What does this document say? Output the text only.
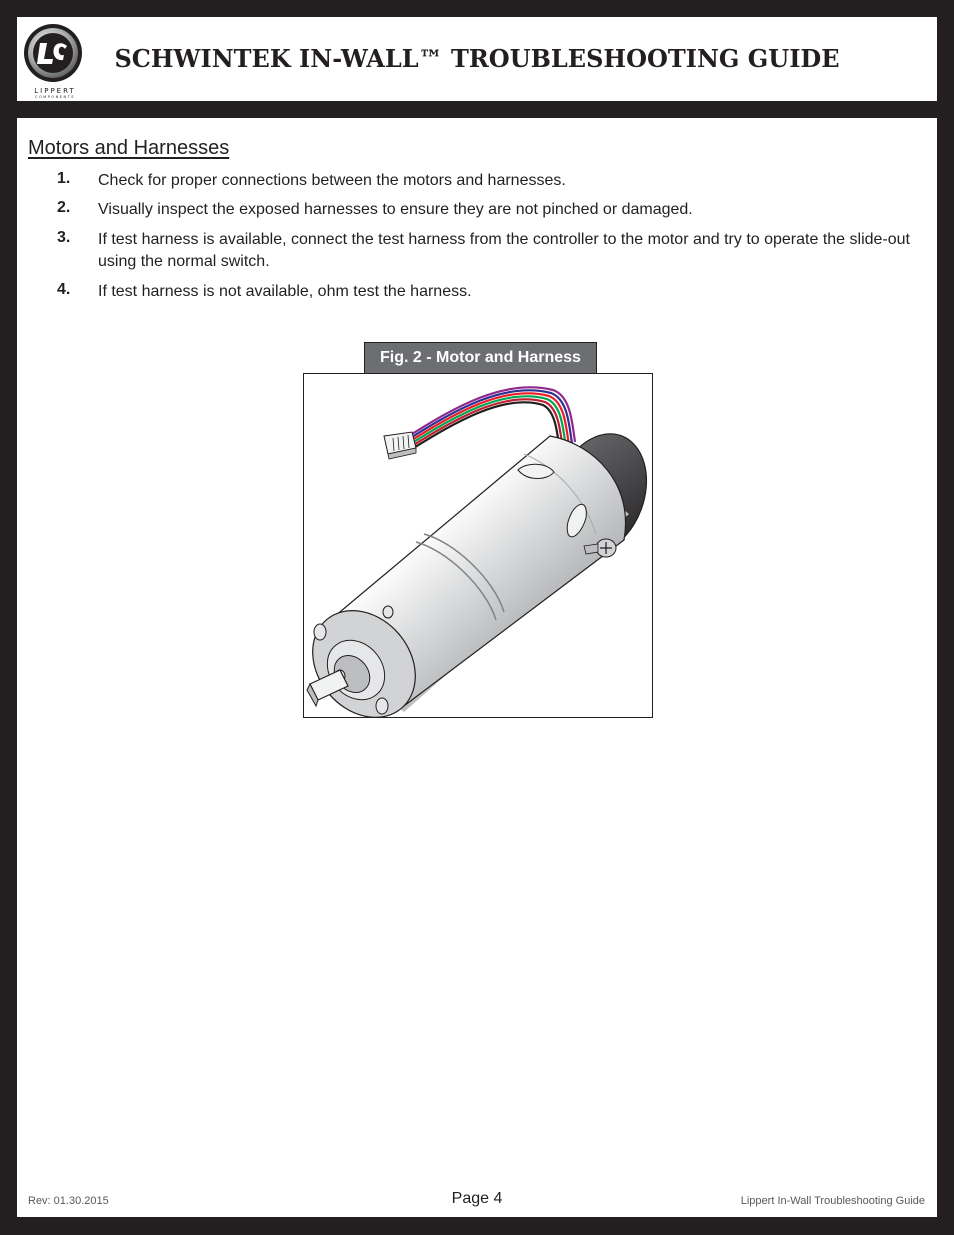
LIPPERT
COMPONENTS
SCHWINTEK IN-WALL™ TROUBLESHOOTING GUIDE
Motors and Harnesses
1. Check for proper connections between the motors and harnesses.
2. Visually inspect the exposed harnesses to ensure they are not pinched or damaged.
3. If test harness is available, connect the test harness from the controller to the motor and try to operate the slide-out using the normal switch.
4. If test harness is not available, ohm test the harness.
Fig. 2 - Motor and Harness
Rev: 01.30.2015	Page 4	Lippert In-Wall Troubleshooting Guide
